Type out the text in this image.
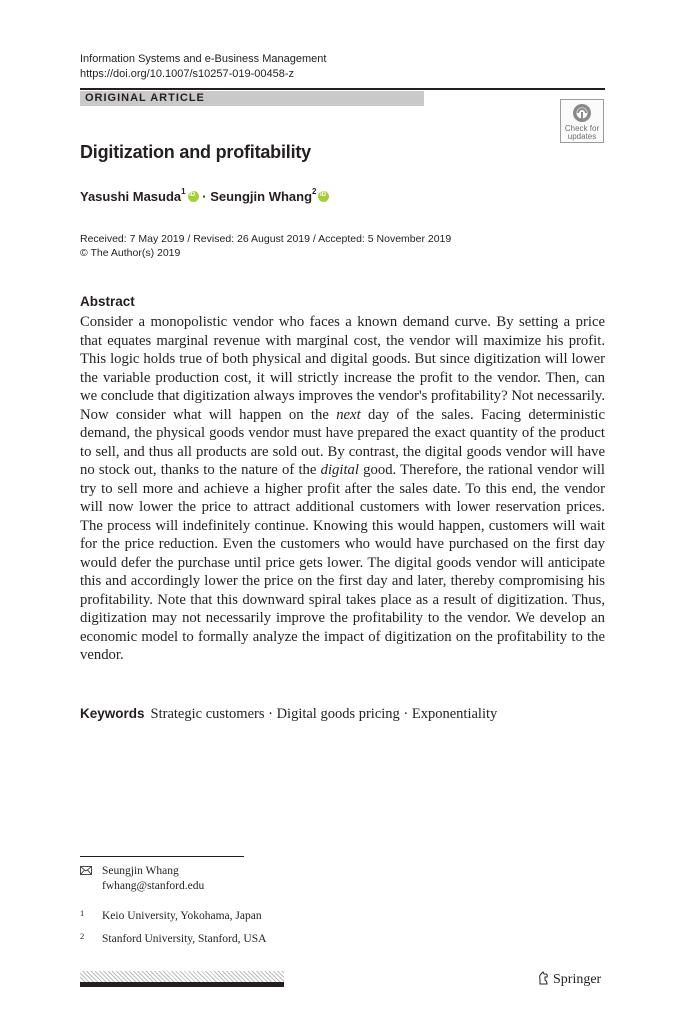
Information Systems and e-Business Management
https://doi.org/10.1007/s10257-019-00458-z
ORIGINAL ARTICLE
Check for
updates
Digitization and profitability
Yasushi Masuda$^1$iD · Seungjin Whang$^2$iD
Received: 7 May 2019 / Revised: 26 August 2019 / Accepted: 5 November 2019
© The Author(s) 2019
Abstract
Consider a monopolistic vendor who faces a known demand curve. By setting a price that equates marginal revenue with marginal cost, the vendor will maximize his profit. This logic holds true of both physical and digital goods. But since digitization will lower the variable production cost, it will strictly increase the profit to the vendor. Then, can we conclude that digitization always improves the vendor's profitability? Not necessarily. Now consider what will happen on the next day of the sales. Facing deterministic demand, the physical goods vendor must have prepared the exact quantity of the product to sell, and thus all products are sold out. By contrast, the digital goods vendor will have no stock out, thanks to the nature of the digital good. Therefore, the rational vendor will try to sell more and achieve a higher profit after the sales date. To this end, the vendor will now lower the price to attract additional customers with lower reservation prices. The process will indefinitely continue. Knowing this would happen, customers will wait for the price reduction. Even the customers who would have purchased on the first day would defer the purchase until price gets lower. The digital goods vendor will anticipate this and accordingly lower the price on the first day and later, thereby compromising his profitability. Note that this downward spiral takes place as a result of digitization. Thus, digitization may not necessarily improve the profitability to the vendor. We develop an economic model to formally analyze the impact of digitization on the profitability to the vendor.
Keywords Strategic customers · Digital goods pricing · Exponentiality
Seungjin Whang
fwhang@stanford.edu
1 Keio University, Yokohama, Japan
2 Stanford University, Stanford, USA
Springer
